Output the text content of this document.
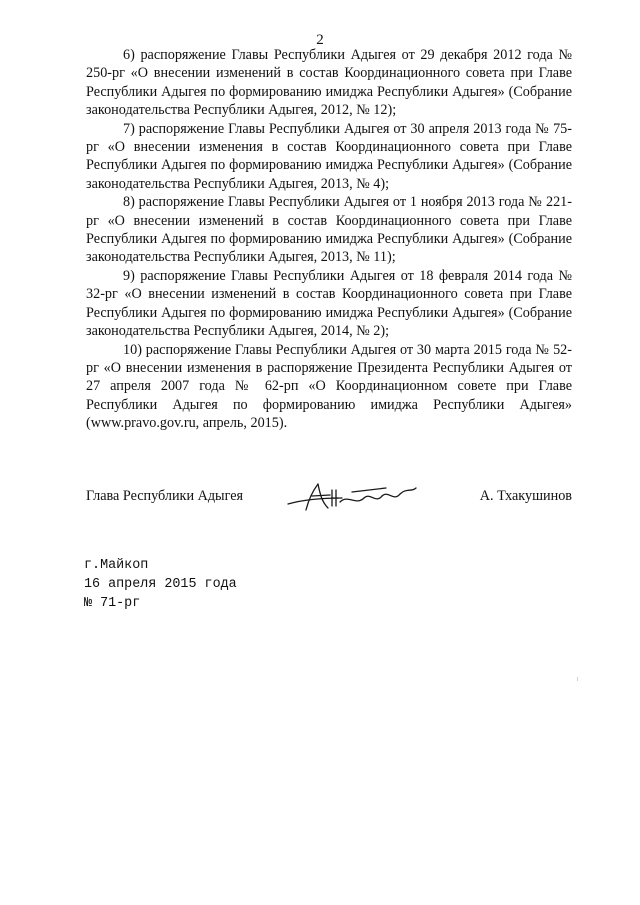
2

6) распоряжение Главы Республики Адыгея от 29 декабря 2012 года № 250-рг «О внесении изменений в состав Координационного совета при Главе Республики Адыгея по формированию имиджа Республики Адыгея» (Собрание законодательства Республики Адыгея, 2012, № 12);

7) распоряжение Главы Республики Адыгея от 30 апреля 2013 года № 75-рг «О внесении изменения в состав Координационного совета при Главе Республики Адыгея по формированию имиджа Республики Адыгея» (Собрание законодательства Республики Адыгея, 2013, № 4);

8) распоряжение Главы Республики Адыгея от 1 ноября 2013 года № 221-рг «О внесении изменений в состав Координационного совета при Главе Республики Адыгея по формированию имиджа Республики Адыгея» (Собрание законодательства Республики Адыгея, 2013, № 11);

9) распоряжение Главы Республики Адыгея от 18 февраля 2014 года № 32-рг «О внесении изменений в состав Координационного совета при Главе Республики Адыгея по формированию имиджа Республики Адыгея» (Собрание законодательства Республики Адыгея, 2014, № 2);

10) распоряжение Главы Республики Адыгея от 30 марта 2015 года № 52-рг «О внесении изменения в распоряжение Президента Республики Адыгея от 27 апреля 2007 года № 62-рп «О Координационном совете при Главе Республики Адыгея по формированию имиджа Республики Адыгея» (www.pravo.gov.ru, апрель, 2015).

Глава Республики Адыгея	А. Тхакушинов
г.Майкоп
16 апреля 2015 года
№ 71-рг
